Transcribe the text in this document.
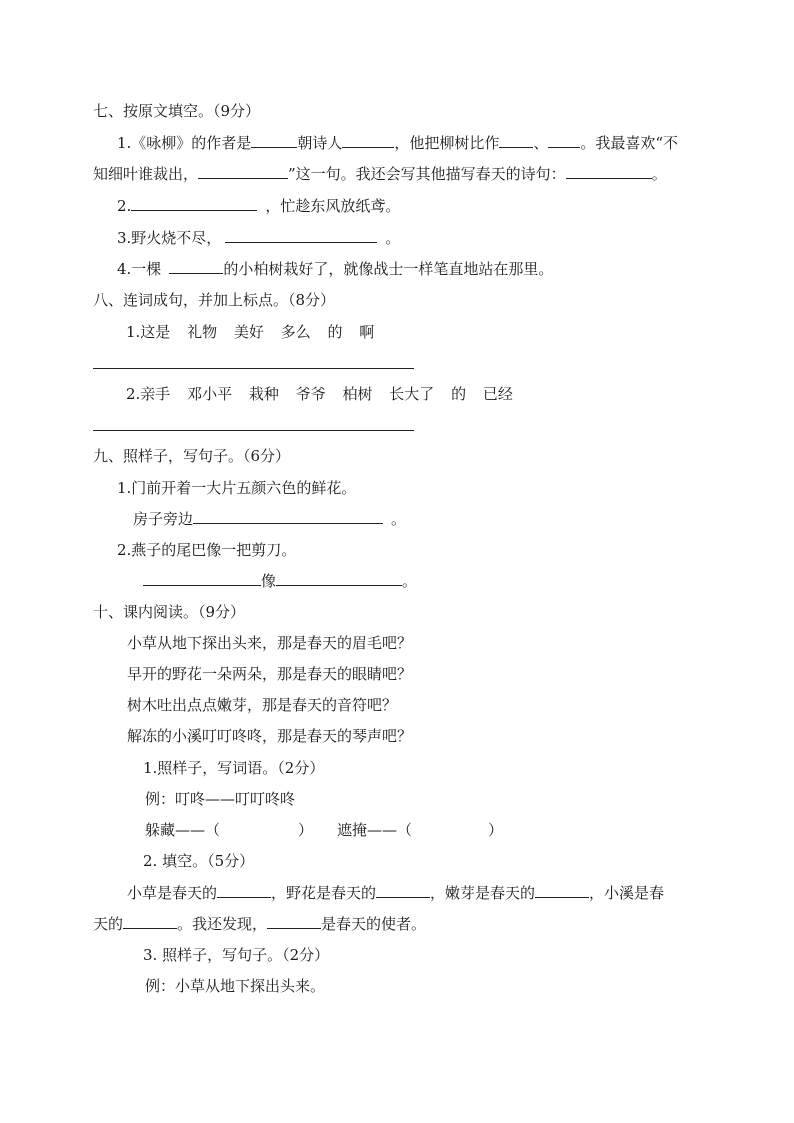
七、按原文填空。（9分）
1.《咏柳》的作者是	朝诗人	，他把柳树比作 、 。我最喜欢“不
知细叶谁裁出，	”这一句。我还会写其他描写春天的诗句：	。
2.	，忙趁东风放纸鸢。
3.野火烧不尽，	。
4.一棵	的小柏树栽好了，就像战士一样笔直地站在那里。
八、连词成句，并加上标点。（8分）
1.这是 礼物 美好 多么 的 啊
2.亲手 邓小平 栽种 爷爷 柏树 长大了 的 已经
九、照样子，写句子。（6分）
1.门前开着一大片五颜六色的鲜花。
房子旁边	。
2.燕子的尾巴像一把剪刀。
像	。
十、课内阅读。（9分）
小草从地下探出头来，那是春天的眉毛吧？
早开的野花一朵两朵，那是春天的眼睛吧？
树木吐出点点嫩芽，那是春天的音符吧？
解冻的小溪叮叮咚咚，那是春天的琴声吧？
1.照样子，写词语。（2分）
例：叮咚——叮叮咚咚
躲藏——（	） 遮掩——（	）
2. 填空。（5分）
小草是春天的	，野花是春天的	，嫩芽是春天的	，小溪是春
天的	。我还发现，	是春天的使者。
3. 照样子，写句子。（2分）
例：小草从地下探出头来。
